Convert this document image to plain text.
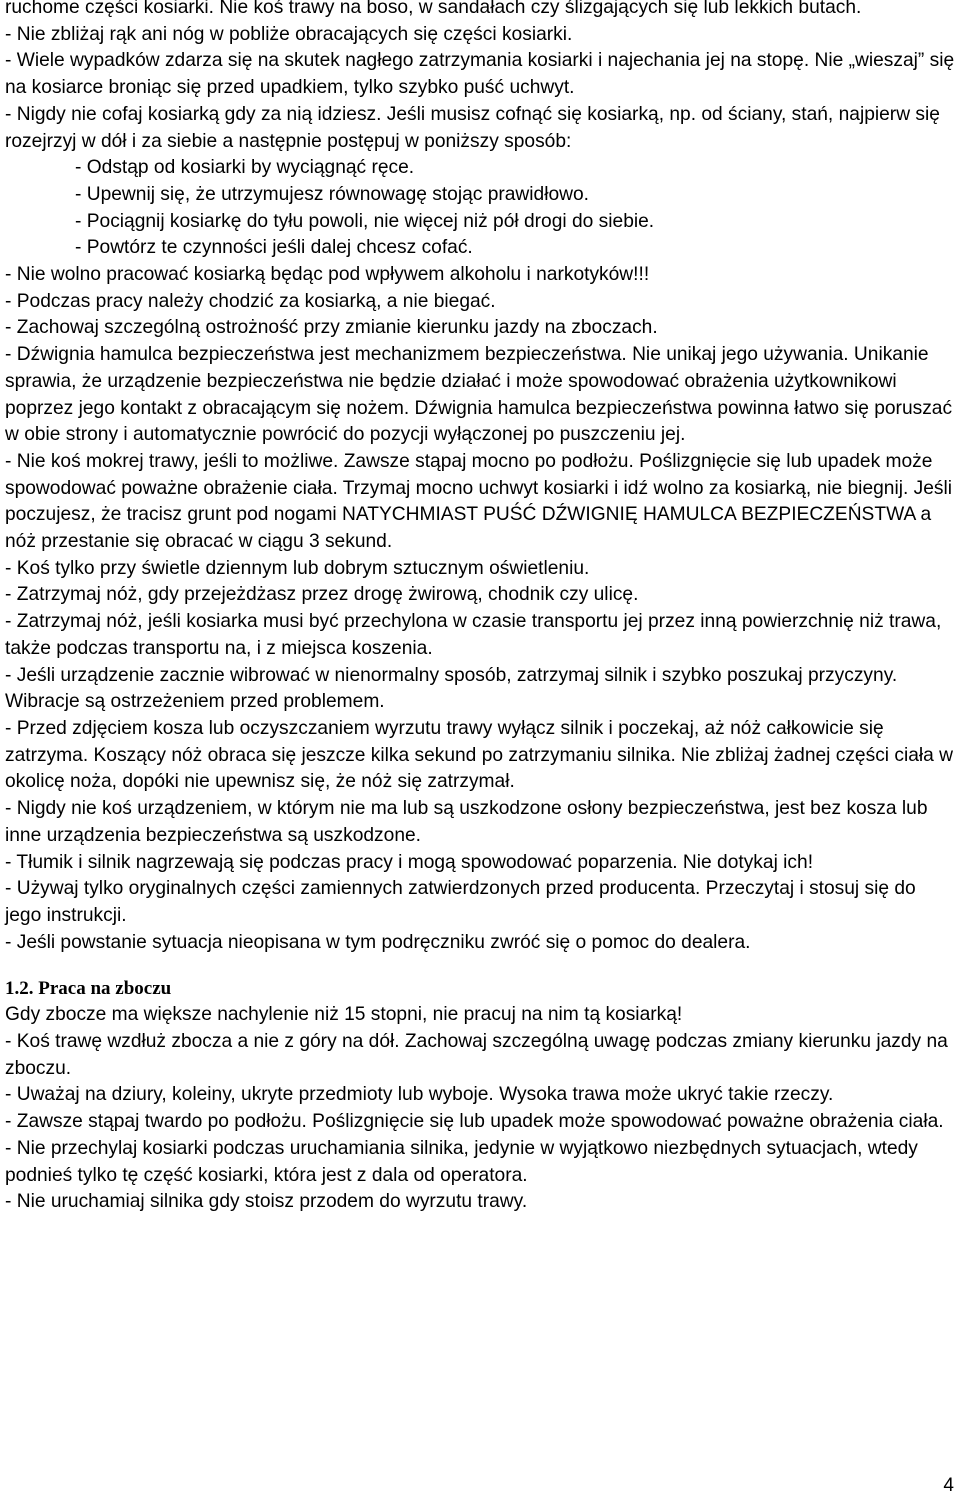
ruchome części kosiarki. Nie koś trawy na boso, w sandałach czy ślizgających się lub lekkich butach.

- Nie zbliżaj rąk ani nóg w pobliże obracających się części kosiarki.

- Wiele wypadków zdarza się na skutek nagłego zatrzymania kosiarki i najechania jej na stopę. Nie „wieszaj” się na kosiarce broniąc się przed upadkiem, tylko szybko puść uchwyt.

- Nigdy nie cofaj kosiarką gdy za nią idziesz. Jeśli musisz cofnąć się kosiarką, np. od ściany, stań, najpierw się rozejrzyj w dół i za siebie a następnie postępuj w poniższy sposób:

- Odstąp od kosiarki by wyciągnąć ręce.

- Upewnij się, że utrzymujesz równowagę stojąc prawidłowo.

- Pociągnij kosiarkę do tyłu powoli, nie więcej niż pół drogi do siebie.

- Powtórz te czynności jeśli dalej chcesz cofać.

- Nie wolno pracować kosiarką będąc pod wpływem alkoholu i narkotyków!!!

- Podczas pracy należy chodzić za kosiarką, a nie biegać.

- Zachowaj szczególną ostrożność przy zmianie kierunku jazdy na zboczach.

- Dźwignia hamulca bezpieczeństwa jest mechanizmem bezpieczeństwa. Nie unikaj jego używania. Unikanie sprawia, że urządzenie bezpieczeństwa nie będzie działać i może spowodować obrażenia użytkownikowi poprzez jego kontakt z obracającym się nożem. Dźwignia hamulca bezpieczeństwa powinna łatwo się poruszać w obie strony i automatycznie powrócić do pozycji wyłączonej po puszczeniu jej.

- Nie koś mokrej trawy, jeśli to możliwe. Zawsze stąpaj mocno po podłożu. Poślizgnięcie się lub upadek może spowodować poważne obrażenie ciała. Trzymaj mocno uchwyt kosiarki i idź wolno za kosiarką, nie biegnij. Jeśli poczujesz, że tracisz grunt pod nogami NATYCHMIAST PUŚĆ DŹWIGNIĘ HAMULCA BEZPIECZEŃSTWA a nóż przestanie się obracać w ciągu 3 sekund.

- Koś tylko przy świetle dziennym lub dobrym sztucznym oświetleniu.

- Zatrzymaj nóż, gdy przejeżdżasz przez drogę żwirową, chodnik czy ulicę.

- Zatrzymaj nóż, jeśli kosiarka musi być przechylona w czasie transportu jej przez inną powierzchnię niż trawa, także podczas transportu na, i z miejsca koszenia.

- Jeśli urządzenie zacznie wibrować w nienormalny sposób, zatrzymaj silnik i szybko poszukaj przyczyny. Wibracje są ostrzeżeniem przed problemem.

- Przed zdjęciem kosza lub oczyszczaniem wyrzutu trawy wyłącz silnik i poczekaj, aż nóż całkowicie się zatrzyma. Koszący nóż obraca się jeszcze kilka sekund po zatrzymaniu silnika. Nie zbliżaj żadnej części ciała w okolicę noża, dopóki nie upewnisz się, że nóż się zatrzymał.

- Nigdy nie koś urządzeniem, w którym nie ma lub są uszkodzone osłony bezpieczeństwa, jest bez kosza lub inne urządzenia bezpieczeństwa są uszkodzone.

- Tłumik i silnik nagrzewają się podczas pracy i mogą spowodować poparzenia. Nie dotykaj ich!

- Używaj tylko oryginalnych części zamiennych zatwierdzonych przed producenta. Przeczytaj i stosuj się do jego instrukcji.

- Jeśli powstanie sytuacja nieopisana w tym podręczniku zwróć się o pomoc do dealera.

1.2. Praca na zboczu

Gdy zbocze ma większe nachylenie niż 15 stopni, nie pracuj na nim tą kosiarką!

- Koś trawę wzdłuż zbocza a nie z góry na dół. Zachowaj szczególną uwagę podczas zmiany kierunku jazdy na zboczu.

- Uważaj na dziury, koleiny, ukryte przedmioty lub wyboje. Wysoka trawa może ukryć takie rzeczy.

- Zawsze stąpaj twardo po podłożu. Poślizgnięcie się lub upadek może spowodować poważne obrażenia ciała.

- Nie przechylaj kosiarki podczas uruchamiania silnika, jedynie w wyjątkowo niezbędnych sytuacjach, wtedy podnieś tylko tę część kosiarki, która jest z dala od operatora.

- Nie uruchamiaj silnika gdy stoisz przodem do wyrzutu trawy.

4
